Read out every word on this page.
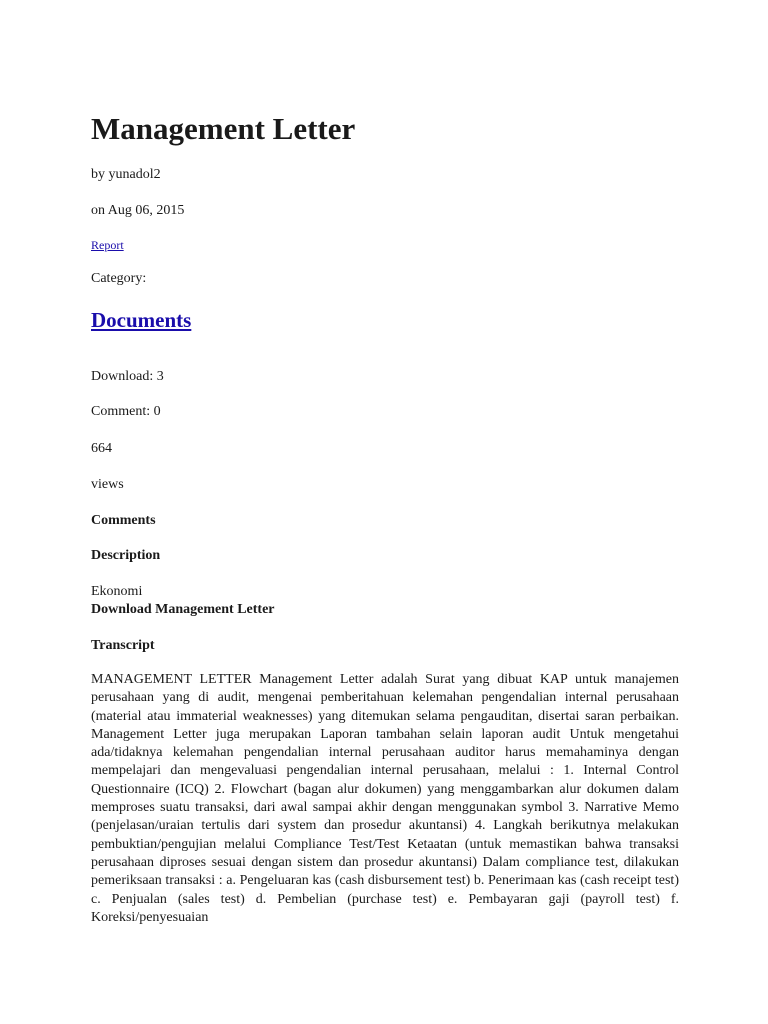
Management Letter
by yunadol2
on Aug 06, 2015
Report
Category:
Documents
Download: 3
Comment: 0
664
views
Comments
Description
Ekonomi
Download Management Letter
Transcript

MANAGEMENT LETTER Management Letter adalah Surat yang dibuat KAP untuk manajemen perusahaan yang di audit, mengenai pemberitahuan kelemahan pengendalian internal perusahaan (material atau immaterial weaknesses) yang ditemukan selama pengauditan, disertai saran perbaikan. Management Letter juga merupakan Laporan tambahan selain laporan audit Untuk mengetahui ada/tidaknya kelemahan pengendalian internal perusahaan auditor harus memahaminya dengan mempelajari dan mengevaluasi pengendalian internal perusahaan, melalui : 1. Internal Control Questionnaire (ICQ) 2. Flowchart (bagan alur dokumen) yang menggambarkan alur dokumen dalam memproses suatu transaksi, dari awal sampai akhir dengan menggunakan symbol 3. Narrative Memo (penjelasan/uraian tertulis dari system dan prosedur akuntansi) 4. Langkah berikutnya melakukan pembuktian/pengujian melalui Compliance Test/Test Ketaatan (untuk memastikan bahwa transaksi perusahaan diproses sesuai dengan sistem dan prosedur akuntansi) Dalam compliance test, dilakukan pemeriksaan transaksi : a. Pengeluaran kas (cash disbursement test) b. Penerimaan kas (cash receipt test) c. Penjualan (sales test) d. Pembelian (purchase test) e. Pembayaran gaji (payroll test) f. Koreksi/penyesuaian
